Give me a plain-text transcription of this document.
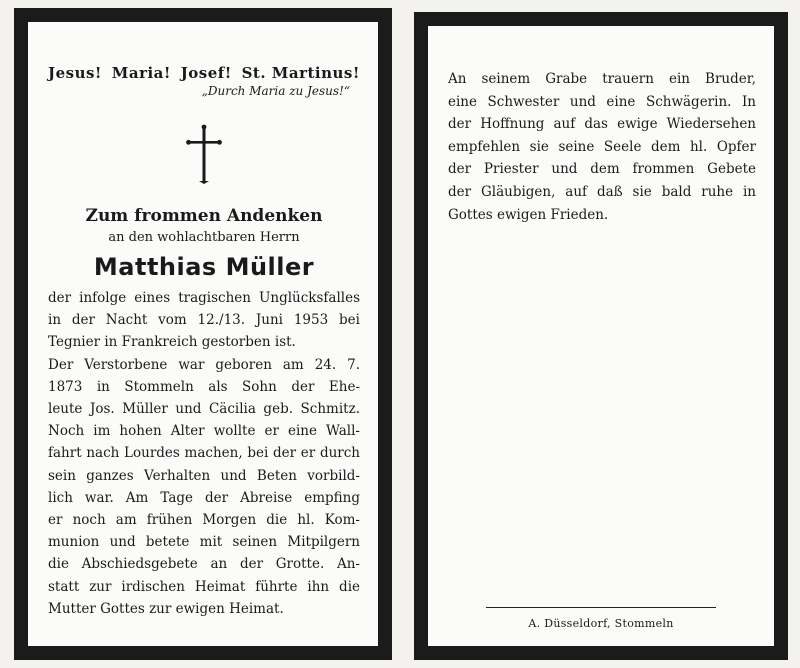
Jesus! Maria! Josef! St. Martinus!
„Durch Maria zu Jesus!“
Zum frommen Andenken
an den wohlachtbaren Herrn
Matthias Müller
der infolge eines tragischen Unglücksfalles
in der Nacht vom 12./13. Juni 1953 bei
Tegnier in Frankreich gestorben ist.
Der Verstorbene war geboren am 24. 7.
1873 in Stommeln als Sohn der Ehe-
leute Jos. Müller und Cäcilia geb. Schmitz.
Noch im hohen Alter wollte er eine Wall-
fahrt nach Lourdes machen, bei der er durch
sein ganzes Verhalten und Beten vorbild-
lich war. Am Tage der Abreise empfing
er noch am frühen Morgen die hl. Kom-
munion und betete mit seinen Mitpilgern
die Abschiedsgebete an der Grotte. An-
statt zur irdischen Heimat führte ihn die
Mutter Gottes zur ewigen Heimat.
An seinem Grabe trauern ein Bruder,
eine Schwester und eine Schwägerin. In
der Hoffnung auf das ewige Wiedersehen
empfehlen sie seine Seele dem hl. Opfer
der Priester und dem frommen Gebete
der Gläubigen, auf daß sie bald ruhe in
Gottes ewigen Frieden.
A. Düsseldorf, Stommeln
